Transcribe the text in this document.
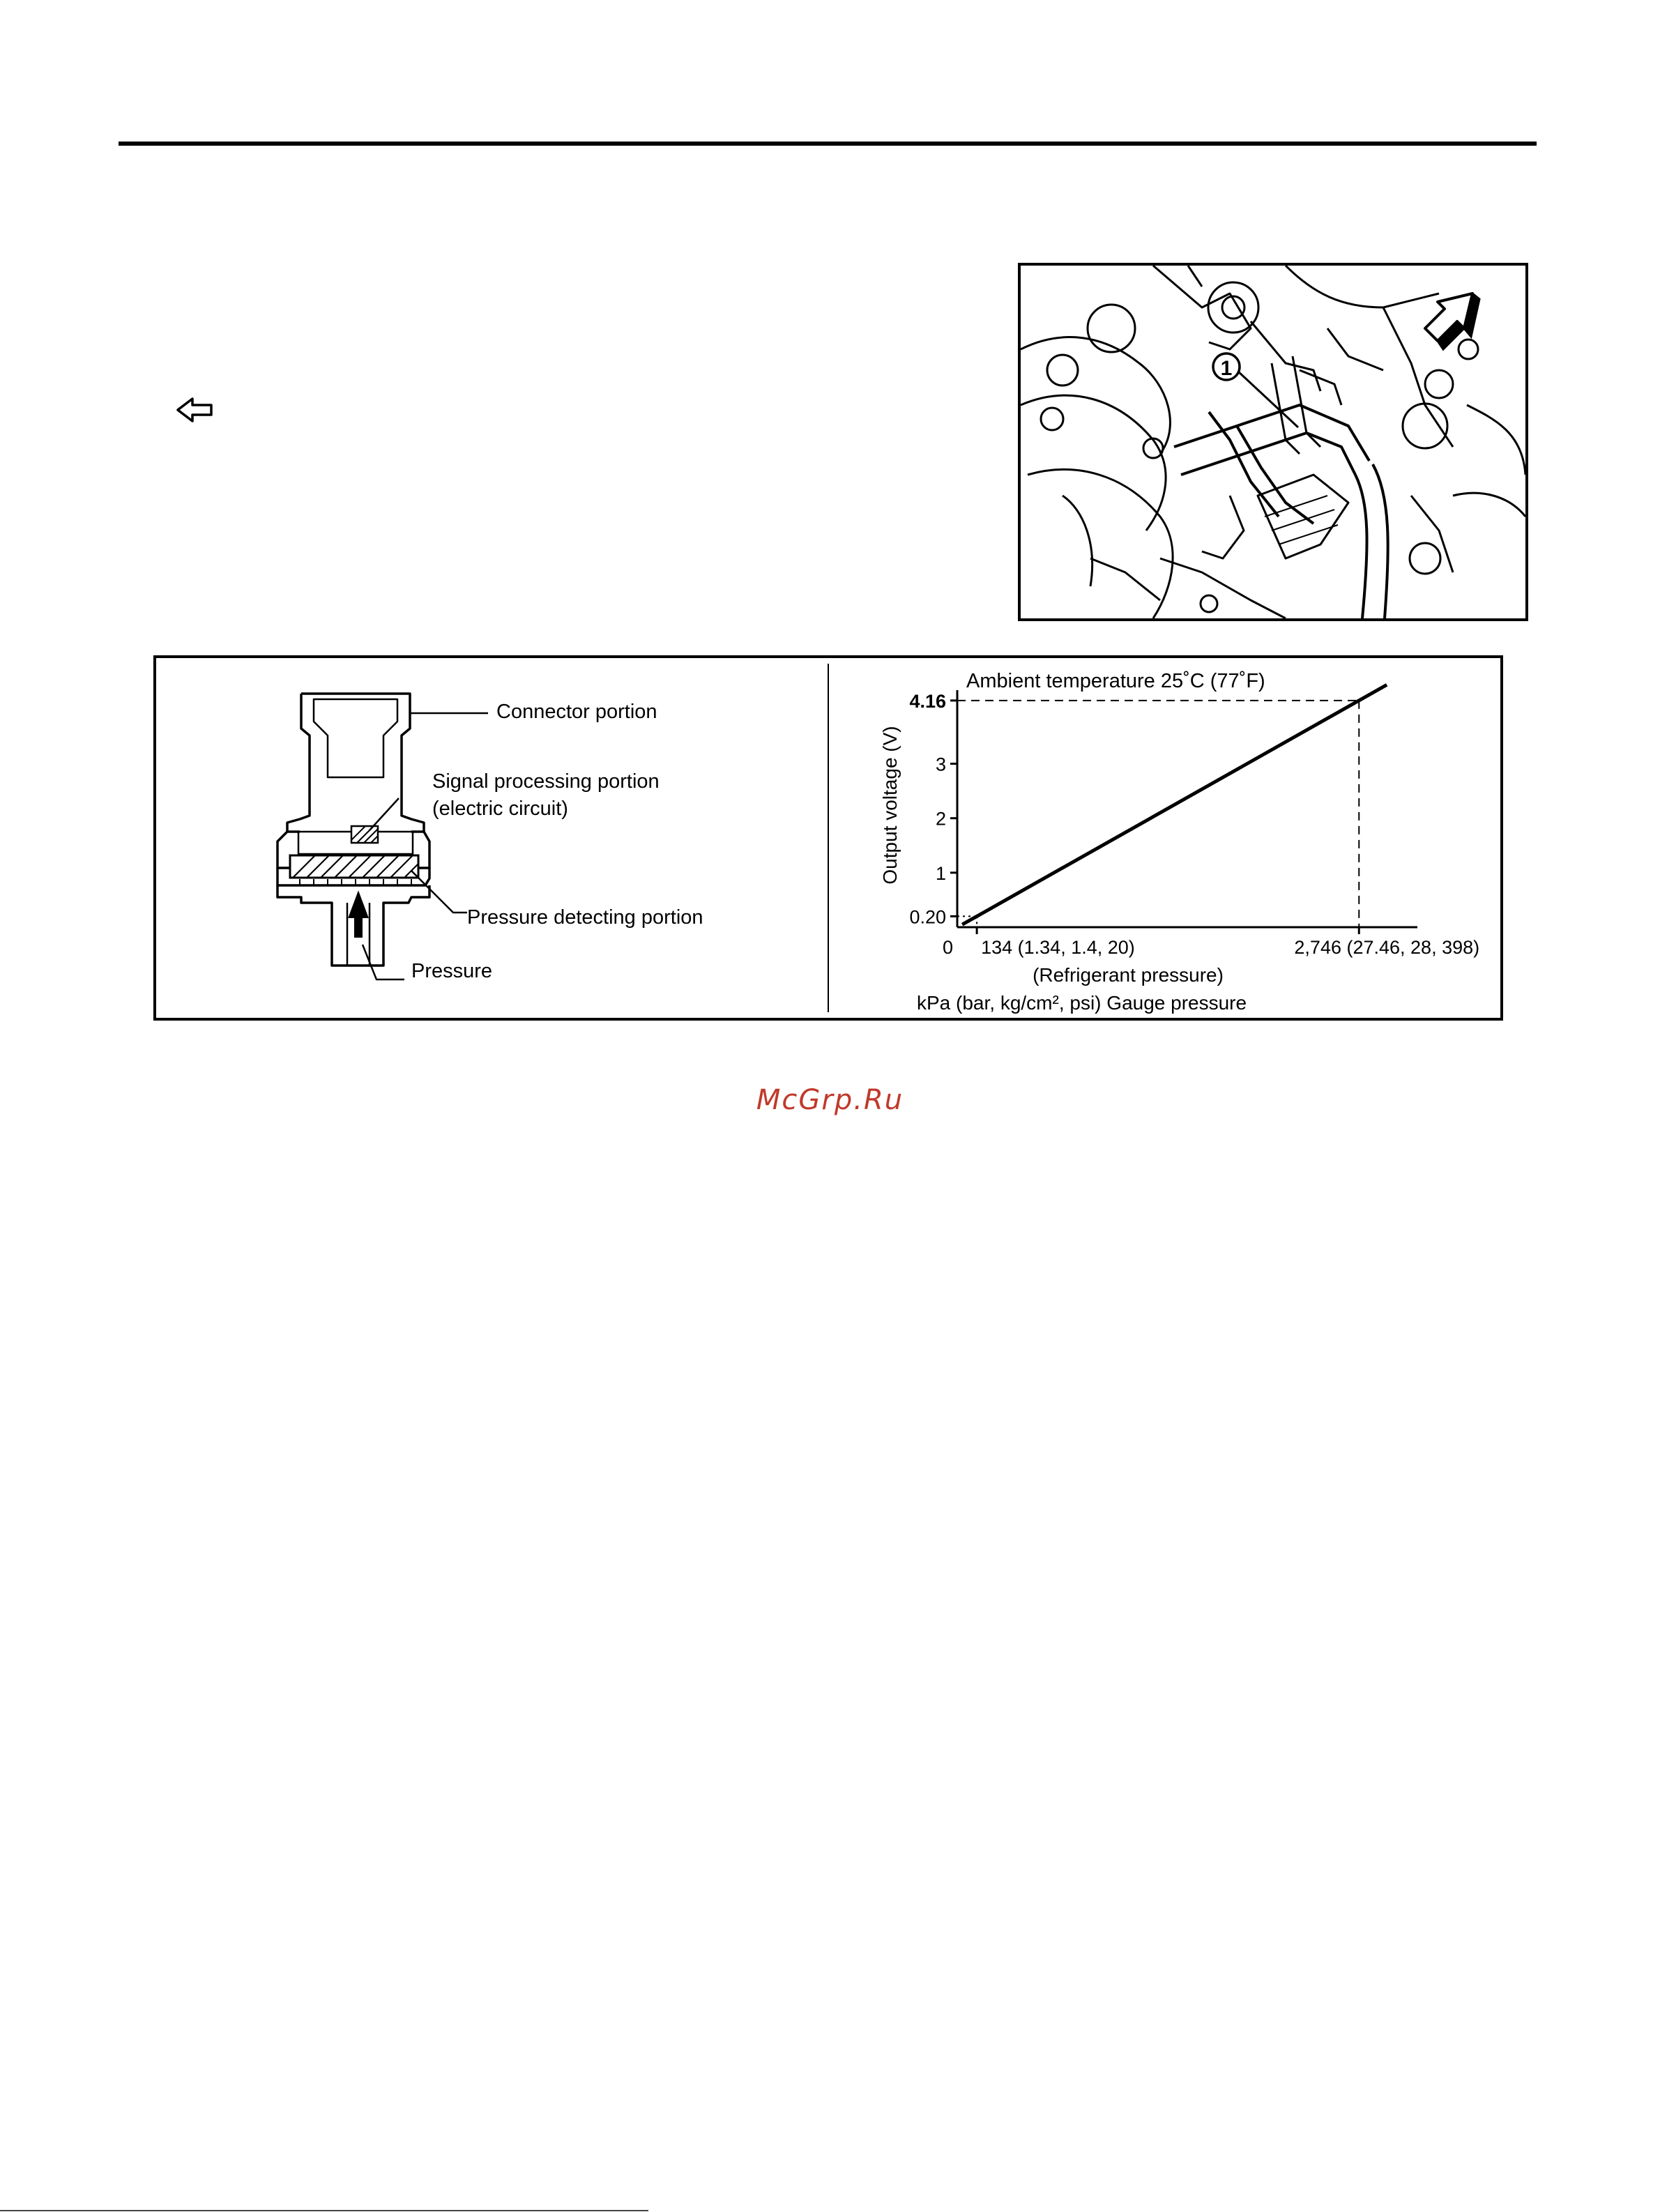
1
Connector portion
Signal processing portion
(electric circuit)
Pressure detecting portion
Pressure
Ambient temperature 25˚C (77˚F)
Output voltage (V)
(Refrigerant pressure)
kPa (bar, kg/cm², psi) Gauge pressure
0.20
1
2
3
4.16
0 134 (1.34, 1.4, 20)	2,746 (27.46, 28, 398)
McGrp.Ru
